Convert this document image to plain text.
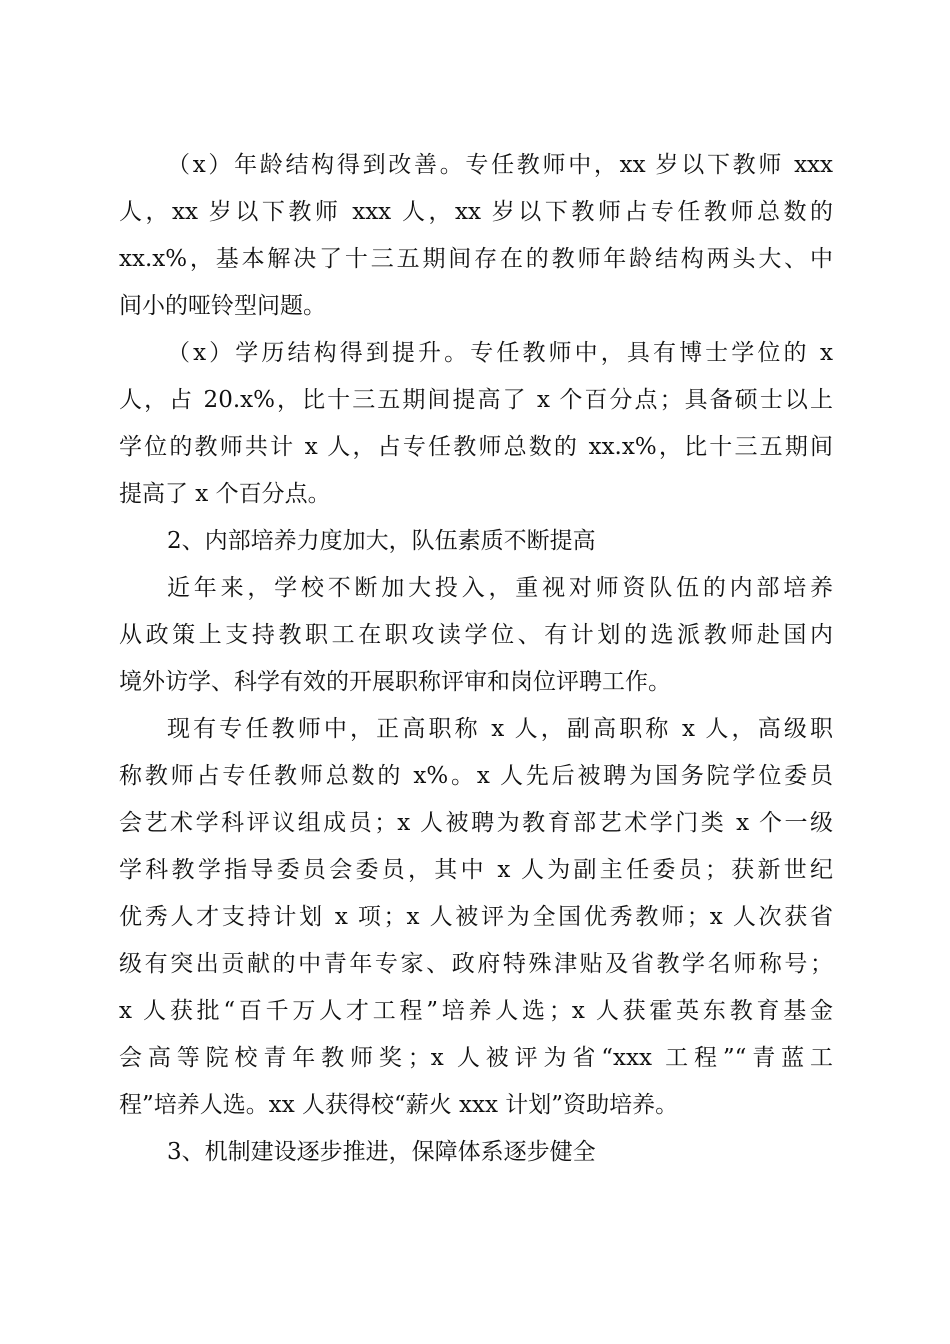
（x）年龄结构得到改善。专任教师中，xx 岁以下教师 xxx
人，xx 岁以下教师 xxx 人，xx 岁以下教师占专任教师总数的
xx.x%，基本解决了十三五期间存在的教师年龄结构两头大、中
间小的哑铃型问题。
（x）学历结构得到提升。专任教师中，具有博士学位的 x
人，占 20.x%，比十三五期间提高了 x 个百分点；具备硕士以上
学位的教师共计 x 人，占专任教师总数的 xx.x%，比十三五期间
提高了 x 个百分点。
2、内部培养力度加大，队伍素质不断提高
近年来，学校不断加大投入，重视对师资队伍的内部培养
从政策上支持教职工在职攻读学位、有计划的选派教师赴国内
境外访学、科学有效的开展职称评审和岗位评聘工作。
现有专任教师中，正高职称 x 人，副高职称 x 人，高级职
称教师占专任教师总数的 x%。x 人先后被聘为国务院学位委员
会艺术学科评议组成员；x 人被聘为教育部艺术学门类 x 个一级
学科教学指导委员会委员，其中 x 人为副主任委员；获新世纪
优秀人才支持计划 x 项；x 人被评为全国优秀教师；x 人次获省
级有突出贡献的中青年专家、政府特殊津贴及省教学名师称号；
x 人获批“百千万人才工程”培养人选；x 人获霍英东教育基金
会高等院校青年教师奖；x 人被评为省“xxx 工程”“青蓝工
程”培养人选。xx 人获得校“薪火 xxx 计划”资助培养。
3、机制建设逐步推进，保障体系逐步健全
